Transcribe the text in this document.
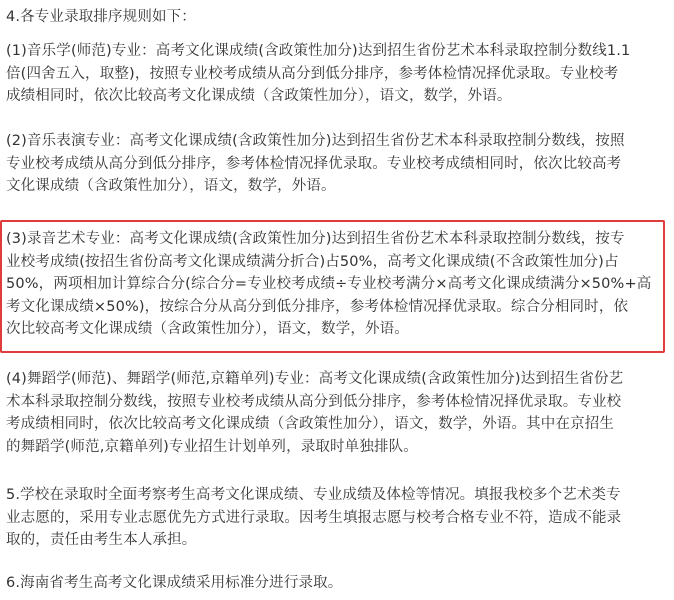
4.各专业录取排序规则如下：

(1)音乐学(师范)专业：高考文化课成绩(含政策性加分)达到招生省份艺术本科录取控制分数线1.1
倍(四舍五入，取整)，按照专业校考成绩从高分到低分排序，参考体检情况择优录取。专业校考
成绩相同时，依次比较高考文化课成绩（含政策性加分），语文，数学，外语。

(2)音乐表演专业：高考文化课成绩(含政策性加分)达到招生省份艺术本科录取控制分数线，按照
专业校考成绩从高分到低分排序，参考体检情况择优录取。专业校考成绩相同时，依次比较高考
文化课成绩（含政策性加分），语文，数学，外语。

(3)录音艺术专业：高考文化课成绩(含政策性加分)达到招生省份艺术本科录取控制分数线，按专
业校考成绩(按招生省份高考文化课成绩满分折合)占50%，高考文化课成绩(不含政策性加分)占
50%，两项相加计算综合分(综合分=专业校考成绩÷专业校考满分×高考文化课成绩满分×50%+高
考文化课成绩×50%)，按综合分从高分到低分排序，参考体检情况择优录取。综合分相同时，依
次比较高考文化课成绩（含政策性加分），语文，数学，外语。

(4)舞蹈学(师范)、舞蹈学(师范,京籍单列)专业：高考文化课成绩(含政策性加分)达到招生省份艺
术本科录取控制分数线，按照专业校考成绩从高分到低分排序，参考体检情况择优录取。专业校
考成绩相同时，依次比较高考文化课成绩（含政策性加分），语文，数学，外语。其中在京招生
的舞蹈学(师范,京籍单列)专业招生计划单列，录取时单独排队。

5.学校在录取时全面考察考生高考文化课成绩、专业成绩及体检等情况。填报我校多个艺术类专
业志愿的，采用专业志愿优先方式进行录取。因考生填报志愿与校考合格专业不符，造成不能录
取的，责任由考生本人承担。

6.海南省考生高考文化课成绩采用标准分进行录取。
